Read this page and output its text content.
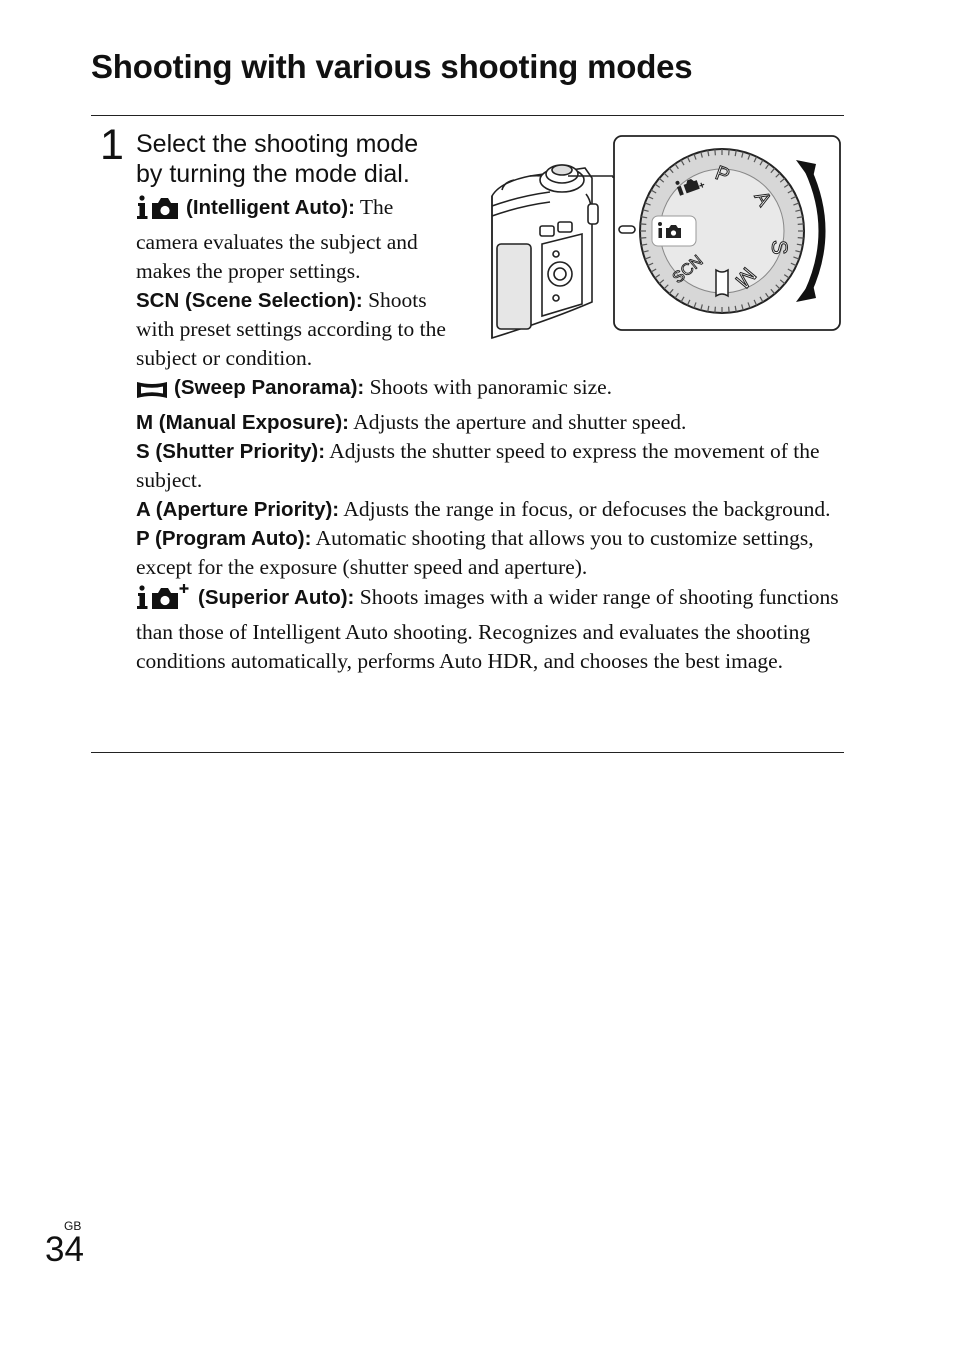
Shooting with various shooting modes
1 Select the shooting mode
by turning the mode dial.

(Intelligent Auto): The camera evaluates the subject and makes the proper settings.

SCN (Scene Selection): Shoots with preset settings according to the subject or condition.

(Sweep Panorama): Shoots with panoramic size.

M (Manual Exposure): Adjusts the aperture and shutter speed.

S (Shutter Priority): Adjusts the shutter speed to express the movement of the subject.

A (Aperture Priority): Adjusts the range in focus, or defocuses the background.

P (Program Auto): Automatic shooting that allows you to customize settings, except for the exposure (shutter speed and aperture).

(Superior Auto): Shoots images with a wider range of shooting functions than those of Intelligent Auto shooting. Recognizes and evaluates the shooting conditions automatically, performs Auto HDR, and chooses the best image.

P
A
S
M
SCN
GB
34
